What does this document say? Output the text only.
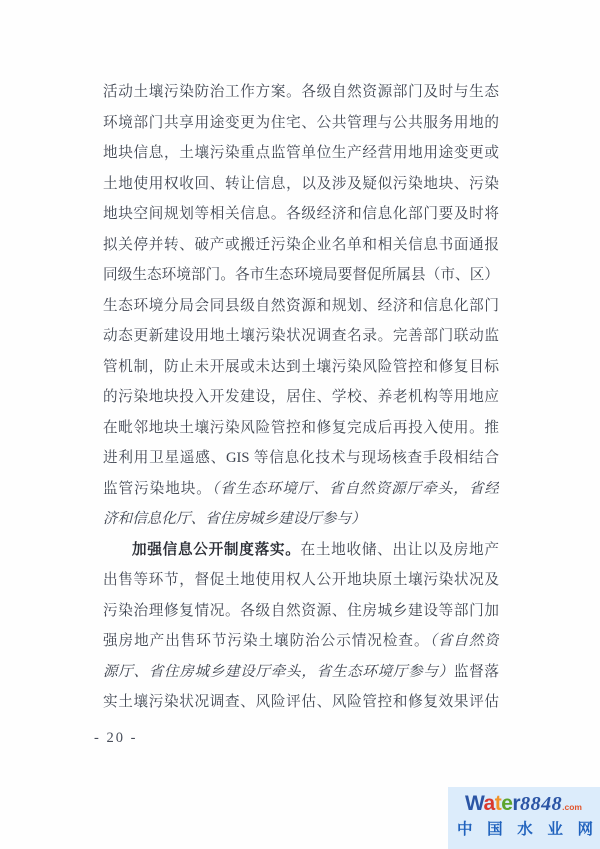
活动土壤污染防治工作方案。各级自然资源部门及时与生态
环境部门共享用途变更为住宅、公共管理与公共服务用地的
地块信息，土壤污染重点监管单位生产经营用地用途变更或
土地使用权收回、转让信息，以及涉及疑似污染地块、污染
地块空间规划等相关信息。各级经济和信息化部门要及时将
拟关停并转、破产或搬迁污染企业名单和相关信息书面通报
同级生态环境部门。各市生态环境局要督促所属县（市、区）
生态环境分局会同县级自然资源和规划、经济和信息化部门
动态更新建设用地土壤污染状况调查名录。完善部门联动监
管机制，防止未开展或未达到土壤污染风险管控和修复目标
的污染地块投入开发建设，居住、学校、养老机构等用地应
在毗邻地块土壤污染风险管控和修复完成后再投入使用。推
进利用卫星遥感、GIS 等信息化技术与现场核查手段相结合
监管污染地块。（省生态环境厅、省自然资源厅牵头，省经
济和信息化厅、省住房城乡建设厅参与）
加强信息公开制度落实。在土地收储、出让以及房地产
出售等环节，督促土地使用权人公开地块原土壤污染状况及
污染治理修复情况。各级自然资源、住房城乡建设等部门加
强房地产出售环节污染土壤防治公示情况检查。（省自然资
源厅、省住房城乡建设厅牵头，省生态环境厅参与）监督落
实土壤污染状况调查、风险评估、风险管控和修复效果评估
- 20 -
Water8848.com
中 国 水 业 网
